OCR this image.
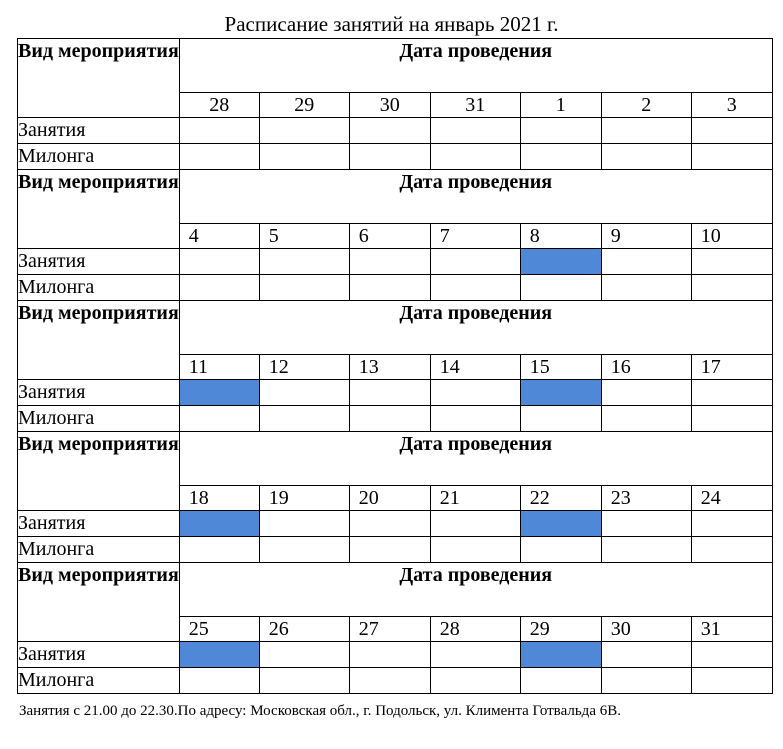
Расписание занятий на январь 2021 г.
Вид мероприятия	Дата проведения						
	28	29	30	31	1	2	3
Занятия	

Милонга	

Вид мероприятия	Дата проведения						
	4	5	6	7	8	9	10
Занятия	

Милонга	

Вид мероприятия	Дата проведения						
	11	12	13	14	15	16	17
Занятия	

Милонга	

Вид мероприятия	Дата проведения						
	18	19	20	21	22	23	24
Занятия	

Милонга	

Вид мероприятия	Дата проведения						
	25	26	27	28	29	30	31
Занятия	

Милонга	

Занятия с 21.00 до 22.30.По адресу: Московская обл., г. Подольск, ул. Климента Готвальда 6В.
